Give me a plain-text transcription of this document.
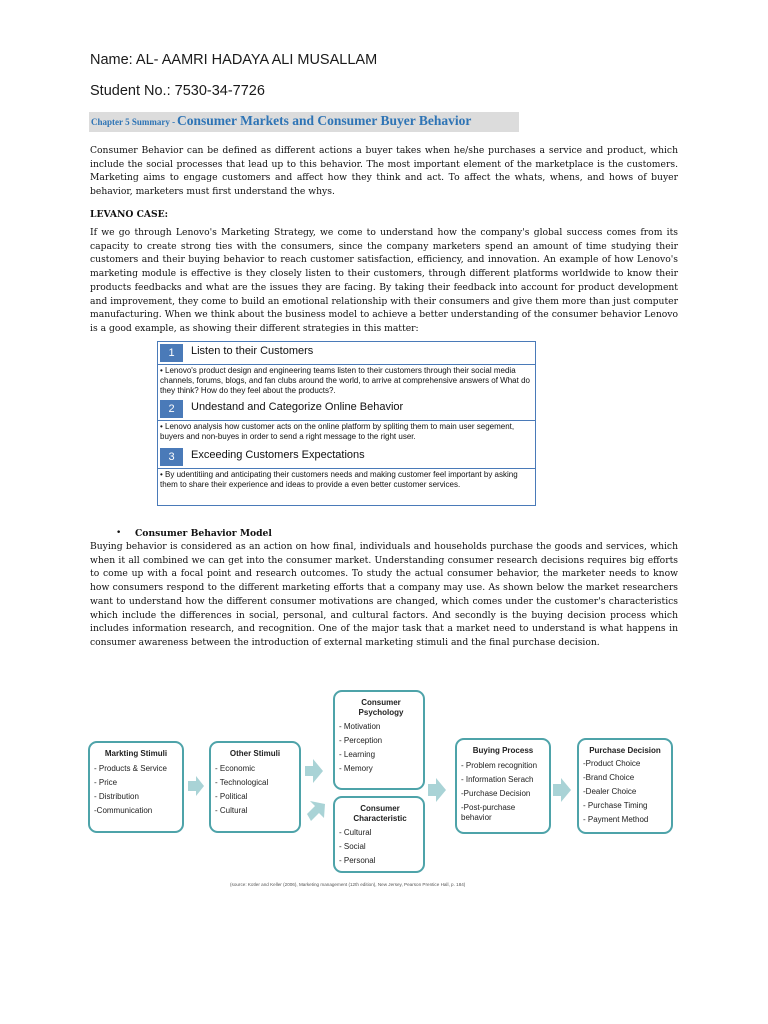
Name: AL- AAMRI HADAYA ALI MUSALLAM
Student No.: 7530-34-7726
Chapter 5 Summary - Consumer Markets and Consumer Buyer Behavior
Consumer Behavior can be defined as different actions a buyer takes when he/she purchases a service and product, which include the social processes that lead up to this behavior. The most important element of the marketplace is the customers. Marketing aims to engage customers and affect how they think and act. To affect the whats, whens, and hows of buyer behavior, marketers must first understand the whys.
LEVANO CASE:
If we go through Lenovo's Marketing Strategy, we come to understand how the company's global success comes from its capacity to create strong ties with the consumers, since the company marketers spend an amount of time studying their customers and their buying behavior to reach customer satisfaction, efficiency, and innovation. An example of how Lenovo's marketing module is effective is they closely listen to their customers, through different platforms worldwide to know their products feedbacks and what are the issues they are facing. By taking their feedback into account for product development and improvement, they come to build an emotional relationship with their consumers and give them more than just computer manufacturing. When we think about the business model to achieve a better understanding of the consumer behavior Lenovo is a good example, as showing their different strategies in this matter:
1	Listen to their Customers
• Lenovo's product design and engineering teams listen to their customers through their social media channels, forums, blogs, and fan clubs around the world, to arrive at comprehensive answers of What do they think? How do they feel about the products?.
2	Undestand and Categorize Online Behavior
• Lenovo analysis how customer acts on the online platform by spliting them to main user segement, buyers and non-buyes in order to send a right message to the right user.
3	Exceeding Customers Expectations
• By udentitiing and anticipating their customers needs and making customer feel important by asking them to share their experience and ideas to provide a even better customer services.
• Consumer Behavior Model
Buying behavior is considered as an action on how final, individuals and households purchase the goods and services, which when it all combined we can get into the consumer market. Understanding consumer research decisions requires big efforts to come up with a focal point and research outcomes. To study the actual consumer behavior, the marketer needs to know how consumers respond to the different marketing efforts that a company may use. As shown below the market researchers want to understand how the different consumer motivations are changed, which comes under the customer's characteristics which include the differences in social, personal, and cultural factors. And secondly is the buying decision process which includes information research, and recognition. One of the major task that a market need to understand is what happens in consumer awareness between the introduction of external marketing stimuli and the final purchase decision.
Markting Stimuli
- Products & Service
- Price
- Distribution
-Communication
Other Stimuli
- Economic
- Technological
- Political
- Cultural
Consumer Psychology
- Motivation
- Perception
- Learning
- Memory
Consumer Characteristic
- Cultural
- Social
- Personal
Buying Process
- Problem recognition
- Information Serach
-Purchase Decision
-Post-purchase behavior
Purchase Decision
-Product Choice
-Brand Choice
-Dealer Choice
- Purchase Timing
- Payment Method
(source: Kotler and Keller (2006), Marketing management (12th edition), New Jersey, Pearson Prentice Hall, p. 184)
